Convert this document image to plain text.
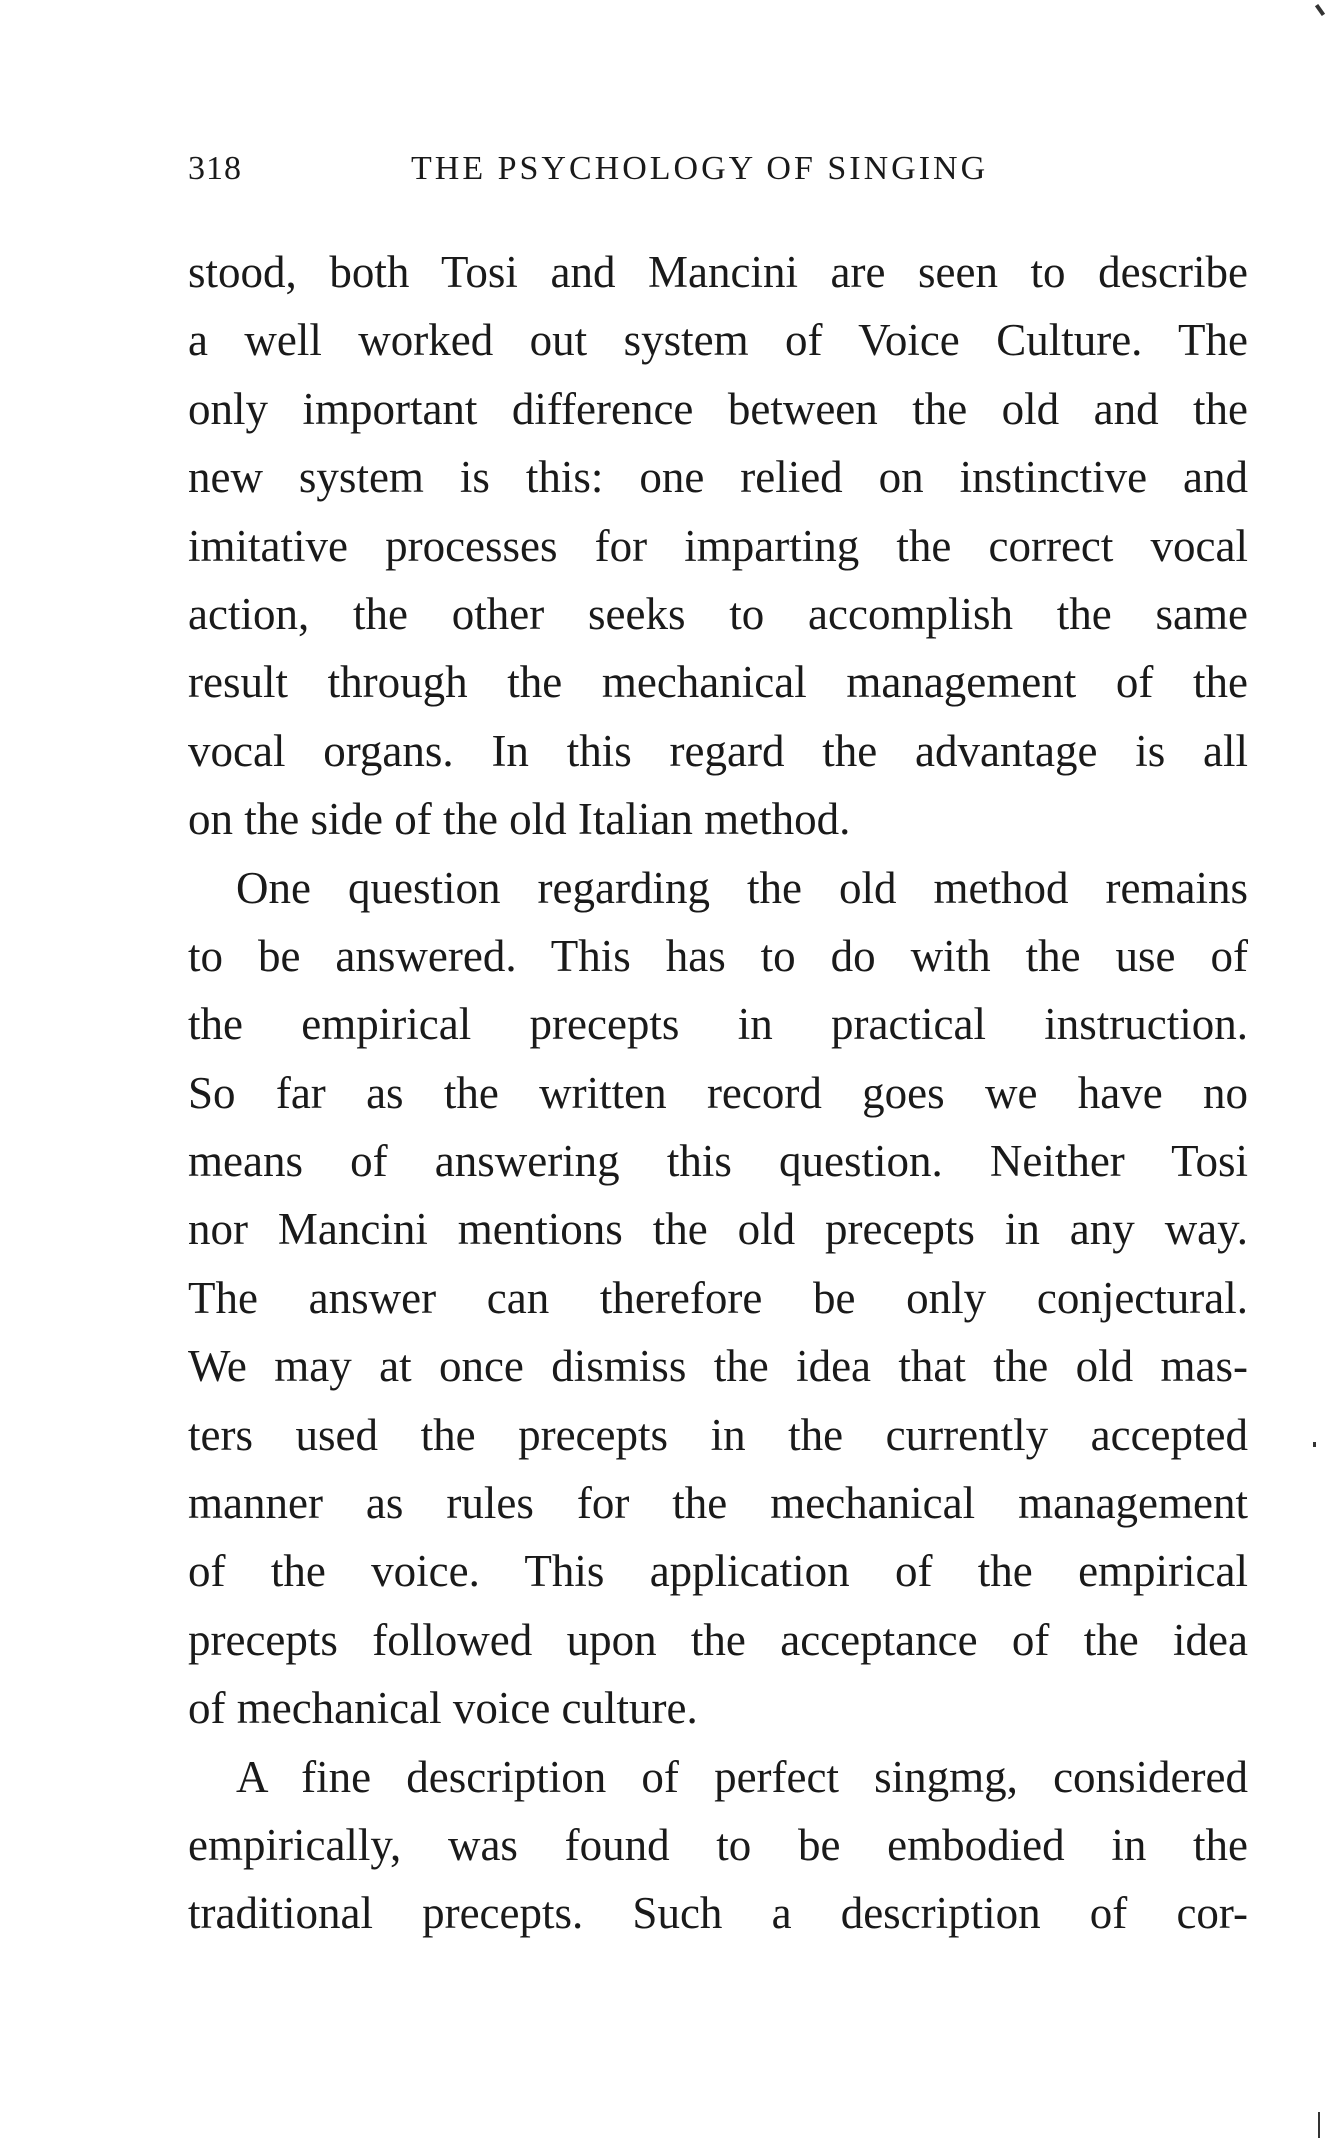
318	THE PSYCHOLOGY OF SINGING
stood, both Tosi and Mancini are seen to describe
a well worked out system of Voice Culture. The
only important difference between the old and the
new system is this: one relied on instinctive and
imitative processes for imparting the correct vocal
action, the other seeks to accomplish the same
result through the mechanical management of the
vocal organs. In this regard the advantage is all
on the side of the old Italian method.
One question regarding the old method remains
to be answered. This has to do with the use of
the empirical precepts in practical instruction.
So far as the written record goes we have no
means of answering this question. Neither Tosi
nor Mancini mentions the old precepts in any way.
The answer can therefore be only conjectural.
We may at once dismiss the idea that the old mas-
ters used the precepts in the currently accepted
manner as rules for the mechanical management
of the voice. This application of the empirical
precepts followed upon the acceptance of the idea
of mechanical voice culture.
A fine description of perfect singmg, considered
empirically, was found to be embodied in the
traditional precepts. Such a description of cor-
